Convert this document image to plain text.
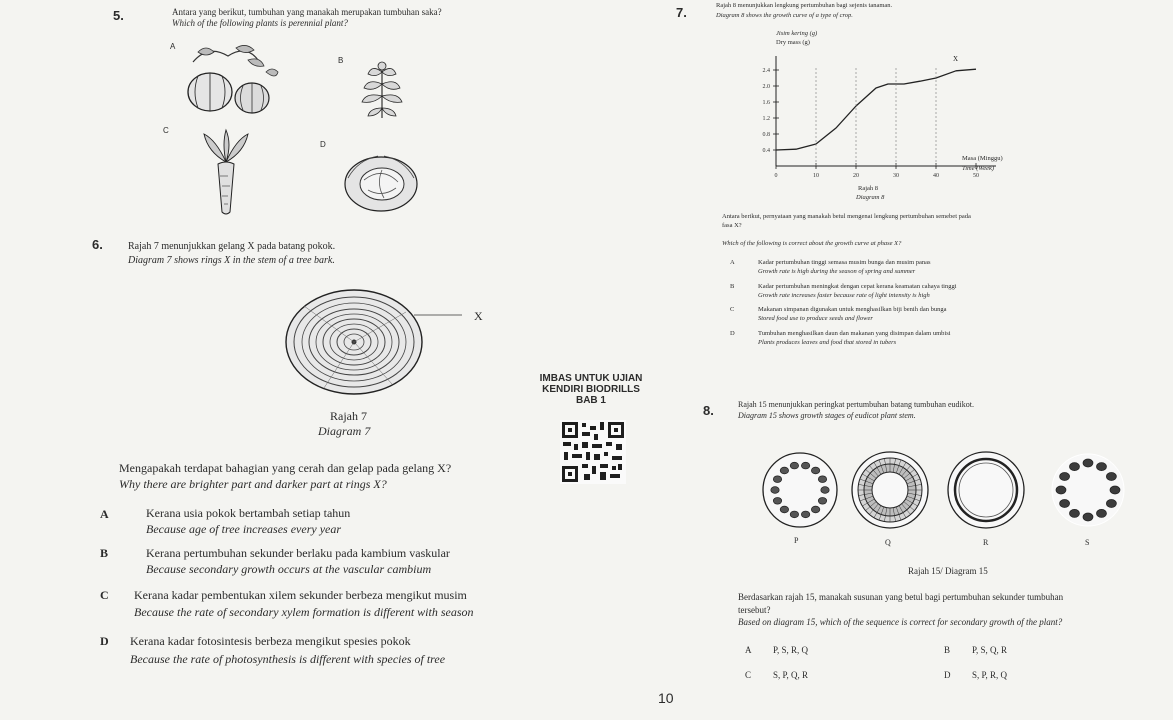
5.	Antara yang berikut, tumbuhan yang manakah merupakan tumbuhan saka?
Which of the following plants is perennial plant?
A
B
C
D
6.	Rajah 7 menunjukkan gelang X pada batang pokok.
Diagram 7 shows rings X in the stem of a tree bark.
X
Rajah 7
Diagram 7
Mengapakah terdapat bahagian yang cerah dan gelap pada gelang X?
Why there are brighter part and darker part at rings X?
A	Kerana usia pokok bertambah setiap tahun
Because age of tree increases every year
B	Kerana pertumbuhan sekunder berlaku pada kambium vaskular
Because secondary growth occurs at the vascular cambium
C Kerana kadar pembentukan xilem sekunder berbeza mengikut musim
Because the rate of secondary xylem formation is different with season
D Kerana kadar fotosintesis berbeza mengikut spesies pokok
Because the rate of photosynthesis is different with species of tree
IMBAS UNTUK UJIAN
KENDIRI BIODRILLS
BAB 1
7.	Rajah 8 menunjukkan lengkung pertumbuhan bagi sejenis tanaman.
Diagram 8 shows the growth curve of a type of crop.
Jisim kering (g)
Dry mass (g)
0.4
0.8
1.2
1.6
2.0
2.4
0	10	20	30	40	50
X
Masa (Minggu)
Time (Week)
Rajah 8
Diagram 8
Antara berikut, pernyataan yang manakah betul mengenai lengkung pertumbuhan semebet pada
fasa X?
Which of the following is correct about the growth curve at phase X?
A	Kadar pertumbuhan tinggi semasa musim bunga dan musim panas
Growth rate is high during the season of spring and summer
B	Kadar pertumbuhan meningkat dengan cepat kerana keamatan cahaya tinggi
Growth rate increases faster because rate of light intensity is high
C	Makanan simpanan digunakan untuk menghasilkan biji benih dan bunga
Stored food use to produce seeds and flower
D	Tumbuhan menghasilkan daun dan makanan yang disimpan dalam umbisi
Plants produces leaves and food that stored in tubers
8.	Rajah 15 menunjukkan peringkat pertumbuhan batang tumbuhan eudikot.
Diagram 15 shows growth stages of eudicot plant stem.
P	Q	R	S
Rajah 15/ Diagram 15
Berdasarkan rajah 15, manakah susunan yang betul bagi pertumbuhan sekunder tumbuhan
tersebut?
Based on diagram 15, which of the sequence is correct for secondary growth of the plant?
A P, S, R, Q	B P, S, Q, R
C S, P, Q, R	D S, P, R, Q
10
